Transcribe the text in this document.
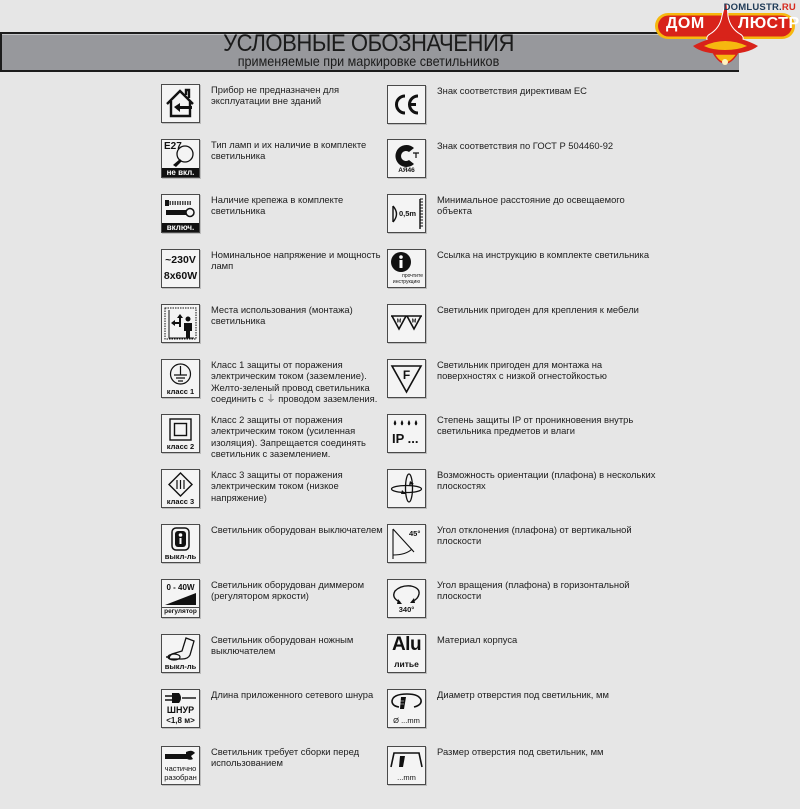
УСЛОВНЫЕ ОБОЗНАЧЕНИЯ
применяемые при маркировке светильников
DOMLUSTR.RU
ДОМ ЛЮСТР
Прибор не предназначен для эксплуатации вне зданий
E27
не вкл.
Тип ламп и их наличие в комплекте светильника
включ.
Наличие крепежа в комплекте светильника
~230V
8x60W
Номинальное напряжение и мощность ламп
Места использования (монтажа) светильника
класс 1
Класс 1 защиты от поражения электрическим током (заземление). Желто-зеленый провод светильника соединить с ⏚ проводом заземления.
класс 2
Класс 2 защиты от поражения электрическим током (усиленная изоляция). Запрещается соединять светильник с заземлением.
класс 3
Класс 3 защиты от поражения электрическим током (низкое напряжение)
выкл-ль
Светильник оборудован выключателем
0 - 40W
регулятор
Светильник оборудован диммером (регулятором яркости)
выкл-ль
Светильник оборудован ножным выключателем
ШНУР
<1,8 м>
Длина приложенного сетевого шнура
частично
разобран
Светильник требует сборки перед использованием
Знак соответствия директивам ЕС
АЯ46
Знак соответствия по ГОСТ Р 504460-92
0,5m
Минимальное расстояние до освещаемого объекта
прочтите
инструкцию
Ссылка на инструкцию в комплекте светильника
M M
Светильник пригоден для крепления к мебели
F
Светильник пригоден для монтажа на поверхностях с низкой огнестойкостью
IP ...
Степень защиты IP от проникновения внутрь светильника предметов и влаги
Возможность ориентации (плафона) в нескольких плоскостях
45° Угол отклонения (плафона) от вертикальной плоскости
340°
Угол вращения (плафона) в горизонтальной плоскости
Alu
литье
Материал корпуса
Ø ...mm
Диаметр отверстия под светильник, мм
...mm
Размер отверстия под светильник, мм
